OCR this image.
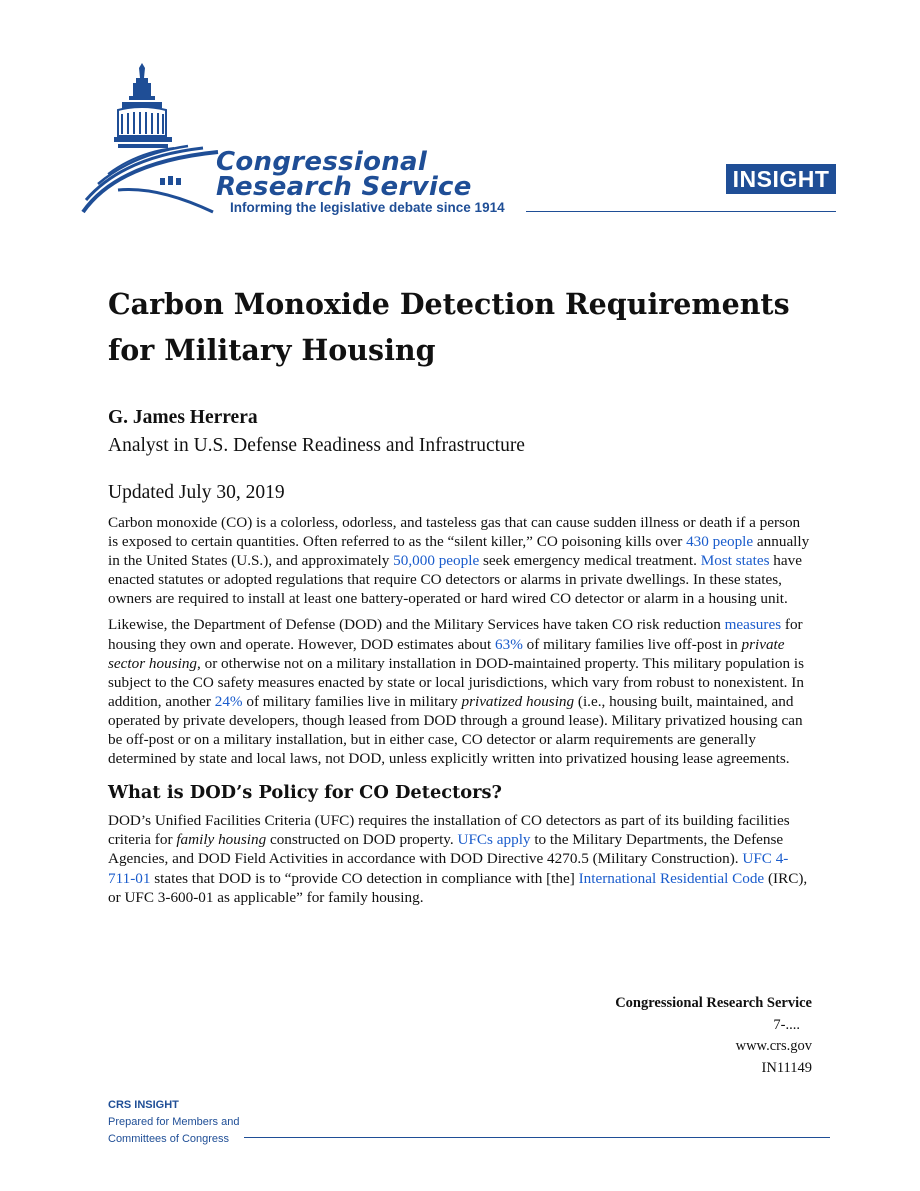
Congressional
Research Service
Informing the legislative debate since 1914
INSIGHT
Carbon Monoxide Detection Requirements for Military Housing
G. James Herrera
Analyst in U.S. Defense Readiness and Infrastructure
Updated July 30, 2019

Carbon monoxide (CO) is a colorless, odorless, and tasteless gas that can cause sudden illness or death if a person is exposed to certain quantities. Often referred to as the “silent killer,” CO poisoning kills over 430 people annually in the United States (U.S.), and approximately 50,000 people seek emergency medical treatment. Most states have enacted statutes or adopted regulations that require CO detectors or alarms in private dwellings. In these states, owners are required to install at least one battery-operated or hard wired CO detector or alarm in a housing unit.

Likewise, the Department of Defense (DOD) and the Military Services have taken CO risk reduction measures for housing they own and operate. However, DOD estimates about 63% of military families live off-post in private sector housing, or otherwise not on a military installation in DOD-maintained property. This military population is subject to the CO safety measures enacted by state or local jurisdictions, which vary from robust to nonexistent. In addition, another 24% of military families live in military privatized housing (i.e., housing built, maintained, and operated by private developers, though leased from DOD through a ground lease). Military privatized housing can be off-post or on a military installation, but in either case, CO detector or alarm requirements are generally determined by state and local laws, not DOD, unless explicitly written into privatized housing lease agreements.

What is DOD’s Policy for CO Detectors?

DOD’s Unified Facilities Criteria (UFC) requires the installation of CO detectors as part of its building facilities criteria for family housing constructed on DOD property. UFCs apply to the Military Departments, the Defense Agencies, and DOD Field Activities in accordance with DOD Directive 4270.5 (Military Construction). UFC 4-711-01 states that DOD is to “provide CO detection in compliance with [the] International Residential Code (IRC), or UFC 3-600-01 as applicable” for family housing.

Congressional Research Service
7-....
www.crs.gov
IN11149
CRS INSIGHT
Prepared for Members and
Committees of Congress
